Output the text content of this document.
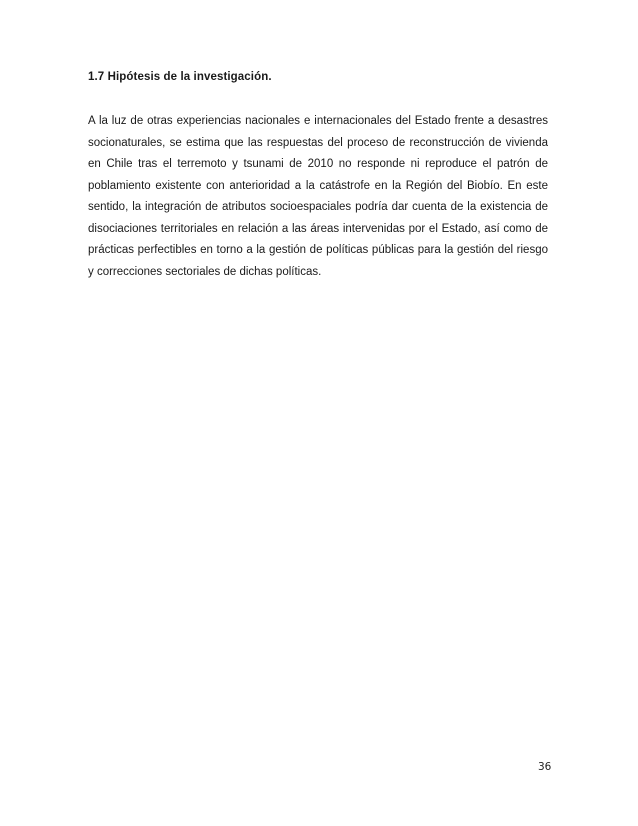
1.7 Hipótesis de la investigación.

A la luz de otras experiencias nacionales e internacionales del Estado frente a desastres socionaturales, se estima que las respuestas del proceso de reconstrucción de vivienda en Chile tras el terremoto y tsunami de 2010 no responde ni reproduce el patrón de poblamiento existente con anterioridad a la catástrofe en la Región del Biobío. En este sentido, la integración de atributos socioespaciales podría dar cuenta de la existencia de disociaciones territoriales en relación a las áreas intervenidas por el Estado, así como de prácticas perfectibles en torno a la gestión de políticas públicas para la gestión del riesgo y correcciones sectoriales de dichas políticas.

36
